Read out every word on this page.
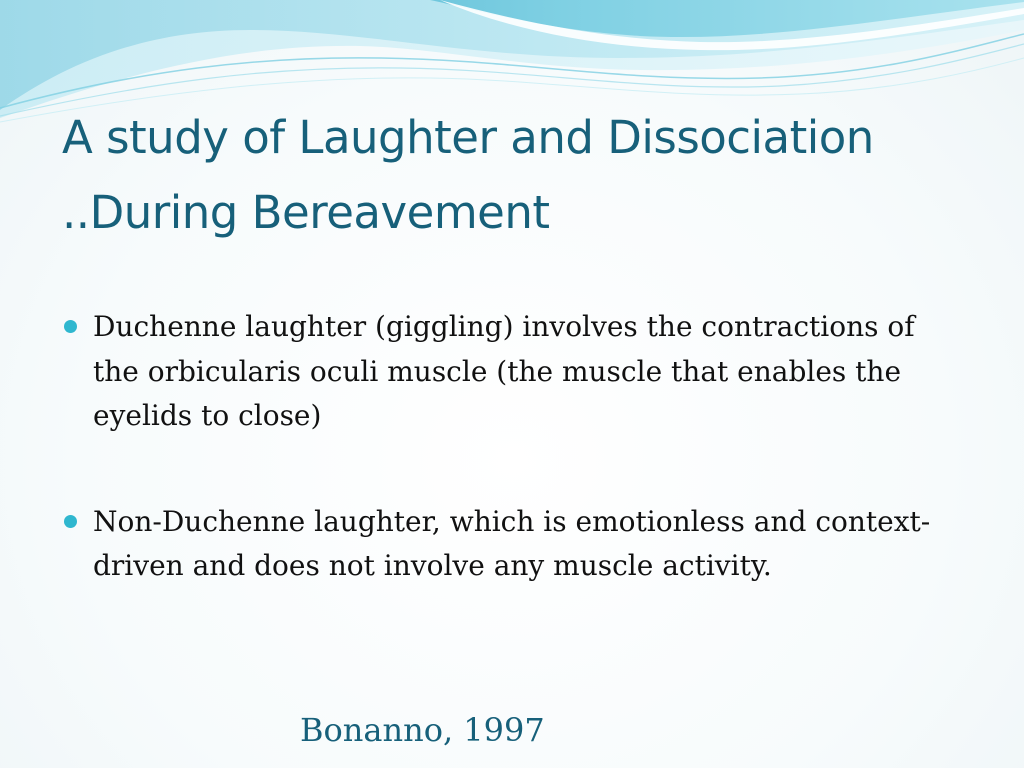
A study of Laughter and Dissociation ..During Bereavement
Duchenne laughter (giggling) involves the contractions of the orbicularis oculi muscle (the muscle that enables the eyelids to close)
Non-Duchenne laughter, which is emotionless and context-driven and does not involve any muscle activity.

Bonanno, 1997
